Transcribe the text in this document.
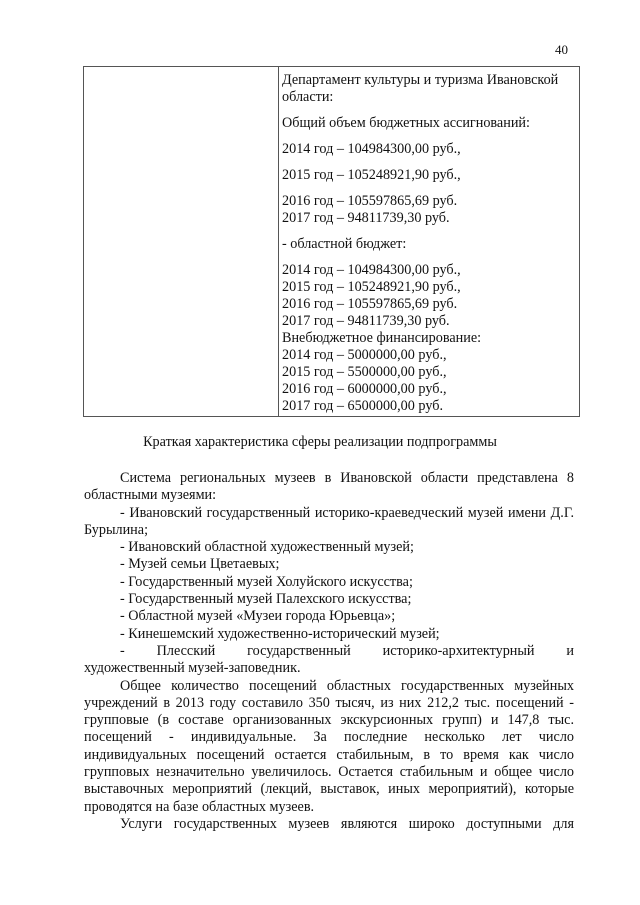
40
Департамент культуры и туризма Ивановской
области:
Общий объем бюджетных ассигнований:
2014 год – 104984300,00 руб.,
2015 год – 105248921,90 руб.,
2016 год – 105597865,69 руб.
2017 год – 94811739,30 руб.
- областной бюджет:
2014 год – 104984300,00 руб.,
2015 год – 105248921,90 руб.,
2016 год – 105597865,69 руб.
2017 год – 94811739,30 руб.
Внебюджетное финансирование:
2014 год – 5000000,00 руб.,
2015 год – 5500000,00 руб.,
2016 год – 6000000,00 руб.,
2017 год – 6500000,00 руб.
Краткая характеристика сферы реализации подпрограммы

Система региональных музеев в Ивановской области представлена 8 областными музеями:

- Ивановский государственный историко-краеведческий музей имени Д.Г. Бурылина;

- Ивановский областной художественный музей;

- Музей семьи Цветаевых;

- Государственный музей Холуйского искусства;

- Государственный музей Палехского искусства;

- Областной музей «Музеи города Юрьевца»;

- Кинешемский художественно-исторический музей;

- Плесский государственный историко-архитектурный и

художественный музей-заповедник.

Общее количество посещений областных государственных музейных учреждений в 2013 году составило 350 тысяч, из них 212,2 тыс. посещений - групповые (в составе организованных экскурсионных групп) и 147,8 тыс. посещений - индивидуальные. За последние несколько лет число индивидуальных посещений остается стабильным, в то время как число групповых незначительно увеличилось. Остается стабильным и общее число выставочных мероприятий (лекций, выставок, иных мероприятий), которые проводятся на базе областных музеев.

Услуги государственных музеев являются широко доступными для
